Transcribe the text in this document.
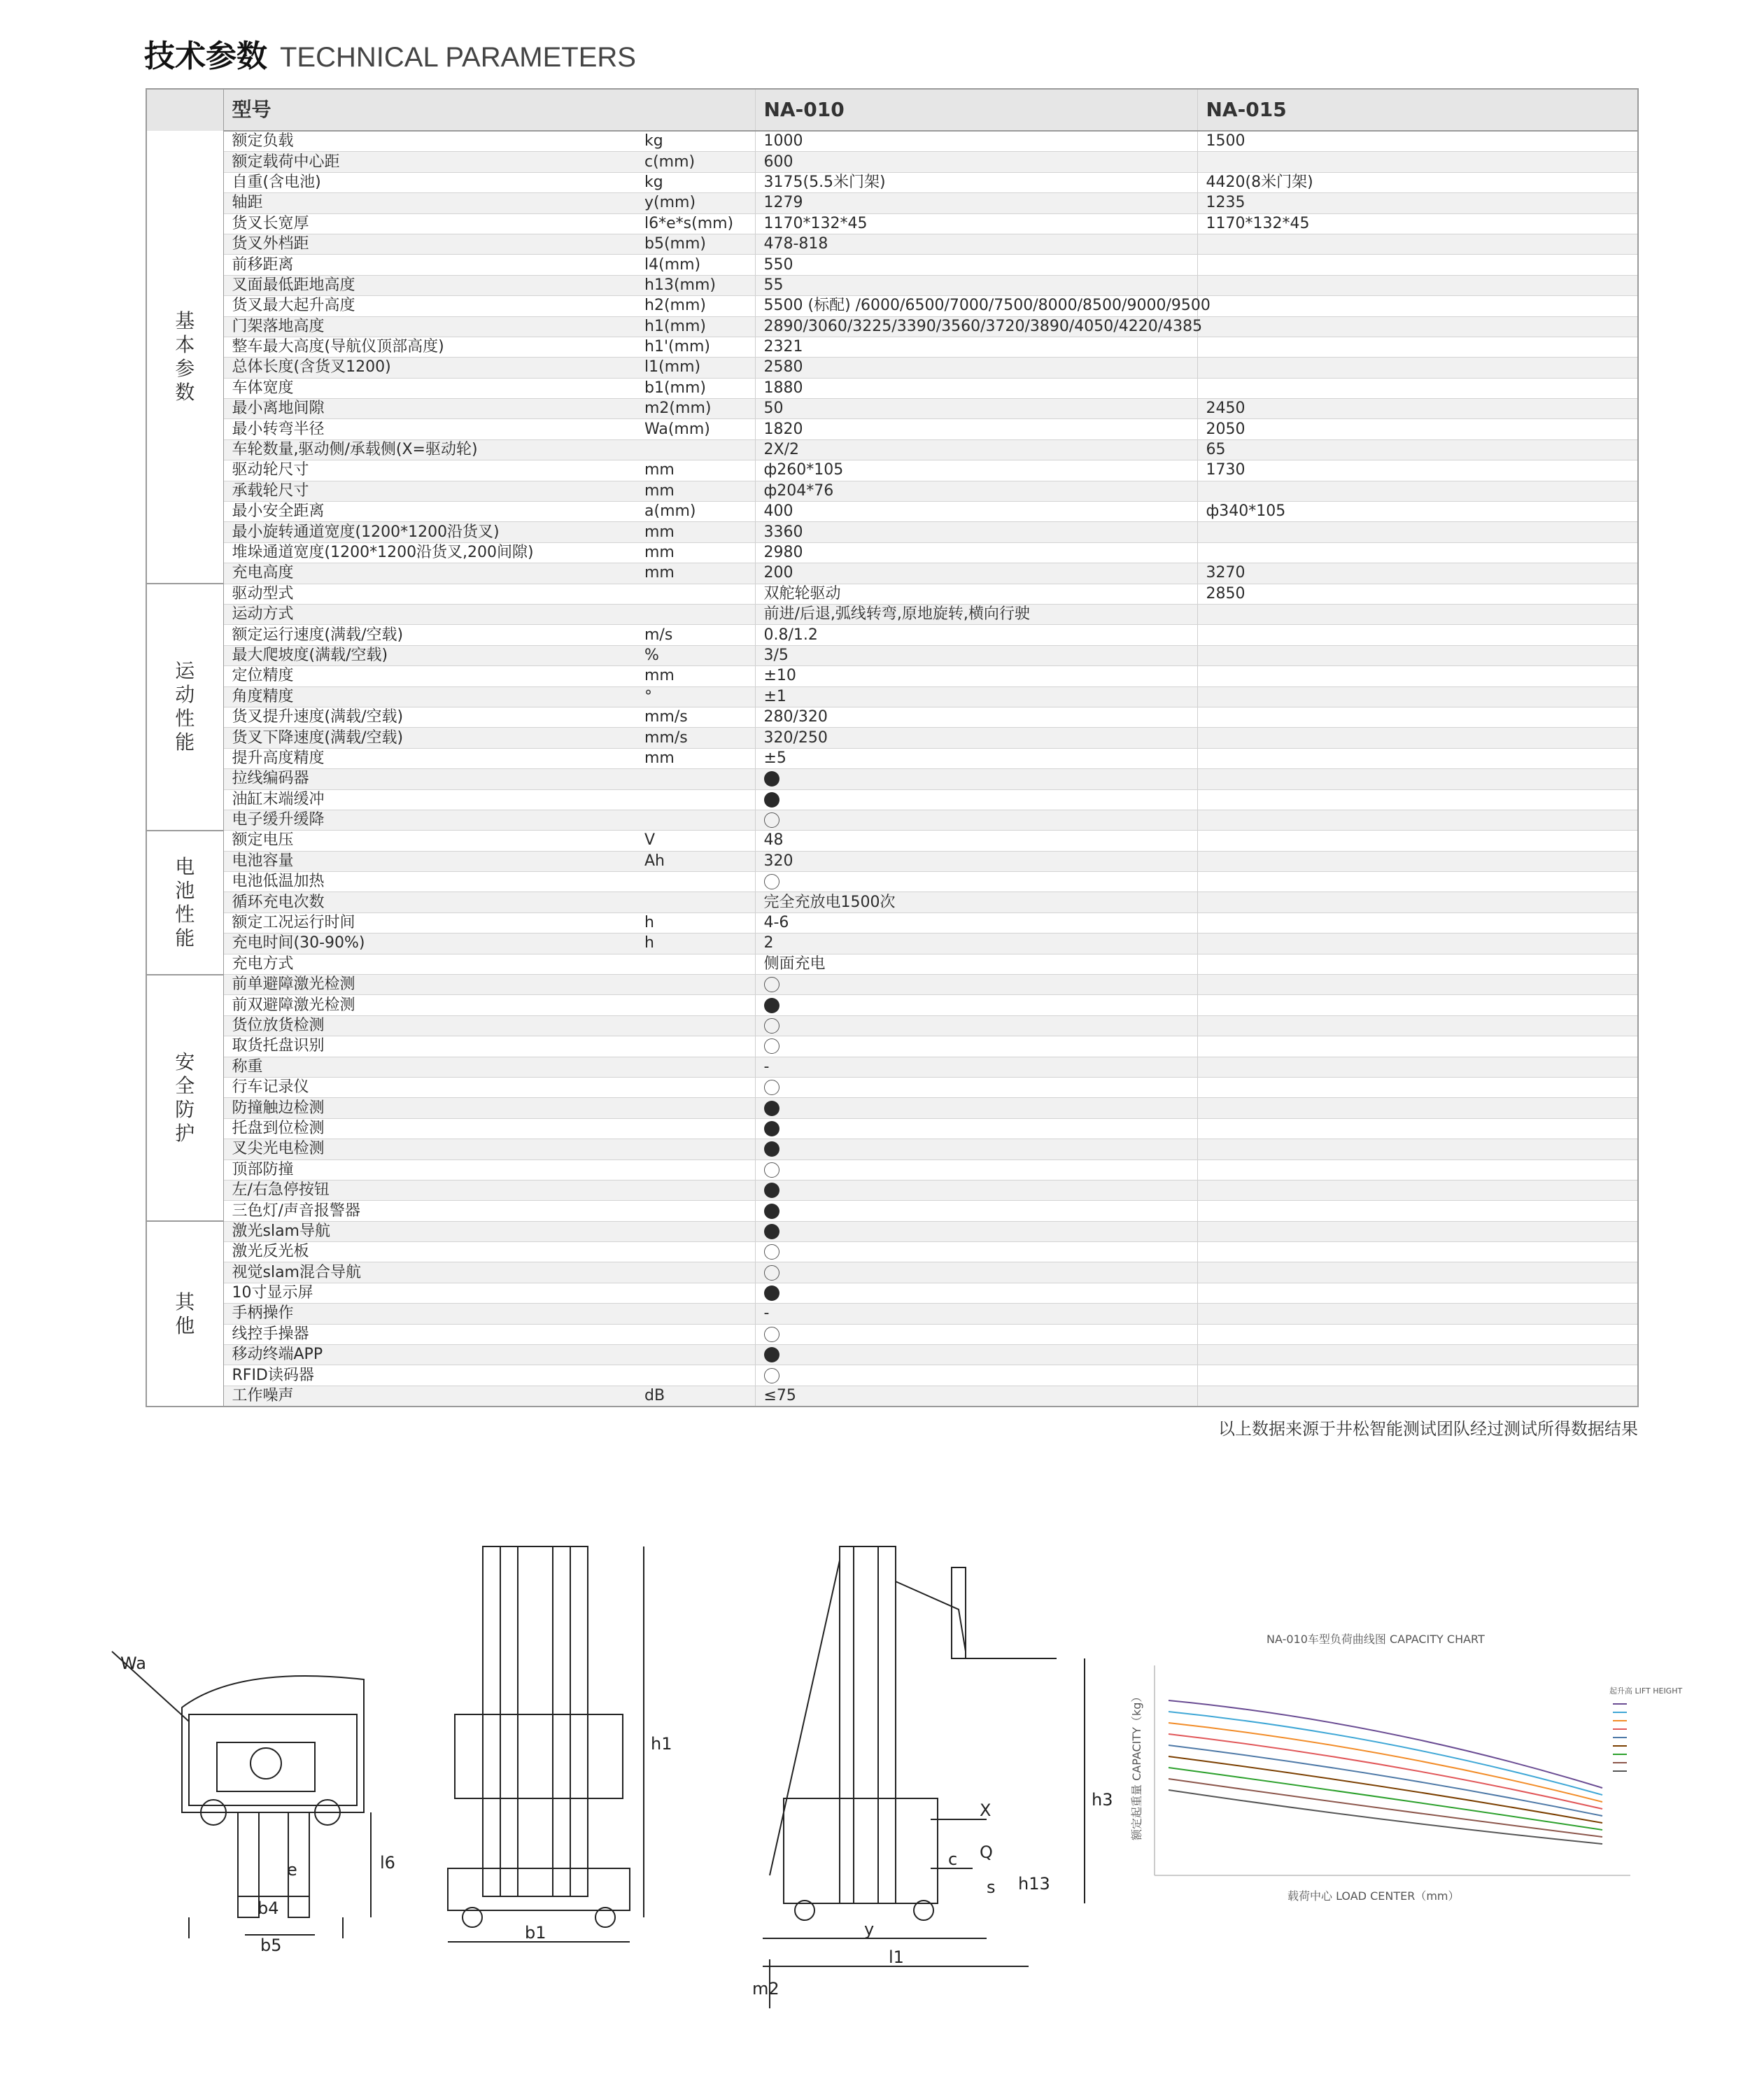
技术参数 TECHNICAL PARAMETERS
	型号		NA-010	NA-015
基本参数	额定负载	kg	1000	1500
	额定载荷中心距	c(mm)	600	
	自重(含电池)	kg	3175(5.5米门架)	4420(8米门架)
	轴距	y(mm)	1279	1235
	货叉长宽厚	l6*e*s(mm)	1170*132*45	1170*132*45
	货叉外档距	b5(mm)	478-818	
	前移距离	l4(mm)	550	
	叉面最低距地高度	h13(mm)	55	
	货叉最大起升高度	h2(mm)	5500 (标配) /6000/6500/7000/7500/8000/8500/9000/9500	
	门架落地高度	h1(mm)	2890/3060/3225/3390/3560/3720/3890/4050/4220/4385	
	整车最大高度(导航仪顶部高度)	h1'(mm)	2321	
	总体长度(含货叉1200)	l1(mm)	2580	
	车体宽度	b1(mm)	1880	
	最小离地间隙	m2(mm)	50	2450
	最小转弯半径	Wa(mm)	1820	2050
	车轮数量,驱动侧/承载侧(X=驱动轮)		2X/2	65
	驱动轮尺寸	mm	ф260*105	1730
	承载轮尺寸	mm	ф204*76	
	最小安全距离	a(mm)	400	ф340*105
	最小旋转通道宽度(1200*1200沿货叉)	mm	3360	
	堆垛通道宽度(1200*1200沿货叉,200间隙)	mm	2980	
	充电高度	mm	200	3270
运动性能	驱动型式		双舵轮驱动	2850
	运动方式		前进/后退,弧线转弯,原地旋转,横向行驶	
	额定运行速度(满载/空载)	m/s	0.8/1.2	
	最大爬坡度(满载/空载)	%	3/5	
	定位精度	mm	±10	
	角度精度	°	±1	
	货叉提升速度(满载/空载)	mm/s	280/320	
	货叉下降速度(满载/空载)	mm/s	320/250	
	提升高度精度	mm	±5	
	拉线编码器			
	油缸末端缓冲			
	电子缓升缓降			
电池性能	额定电压	V	48	
	电池容量	Ah	320	
	电池低温加热			
	循环充电次数		完全充放电1500次	
	额定工况运行时间	h	4-6	
	充电时间(30-90%)	h	2	
	充电方式		侧面充电	
安全防护	前单避障激光检测			
	前双避障激光检测			
	货位放货检测			
	取货托盘识别			
	称重		-	
	行车记录仪			
	防撞触边检测			
	托盘到位检测			
	叉尖光电检测			
	顶部防撞			
	左/右急停按钮			
	三色灯/声音报警器			
其他	激光slam导航			
	激光反光板			
	视觉slam混合导航			
	10寸显示屏			
	手柄操作		-	
	线控手操器			
	移动终端APP			
	RFID读码器			
	工作噪声	dB	≤75	
以上数据来源于井松智能测试团队经过测试所得数据结果
Wa
e	l6
b4
b5
h1
b1
X
c Q
s h13
h3
y
l1
m2
NA-010车型负荷曲线图 CAPACITY CHART
额定起重量 CAPACITY（kg）
载荷中心 LOAD CENTER（mm）
起升高 LIFT HEIGHT
